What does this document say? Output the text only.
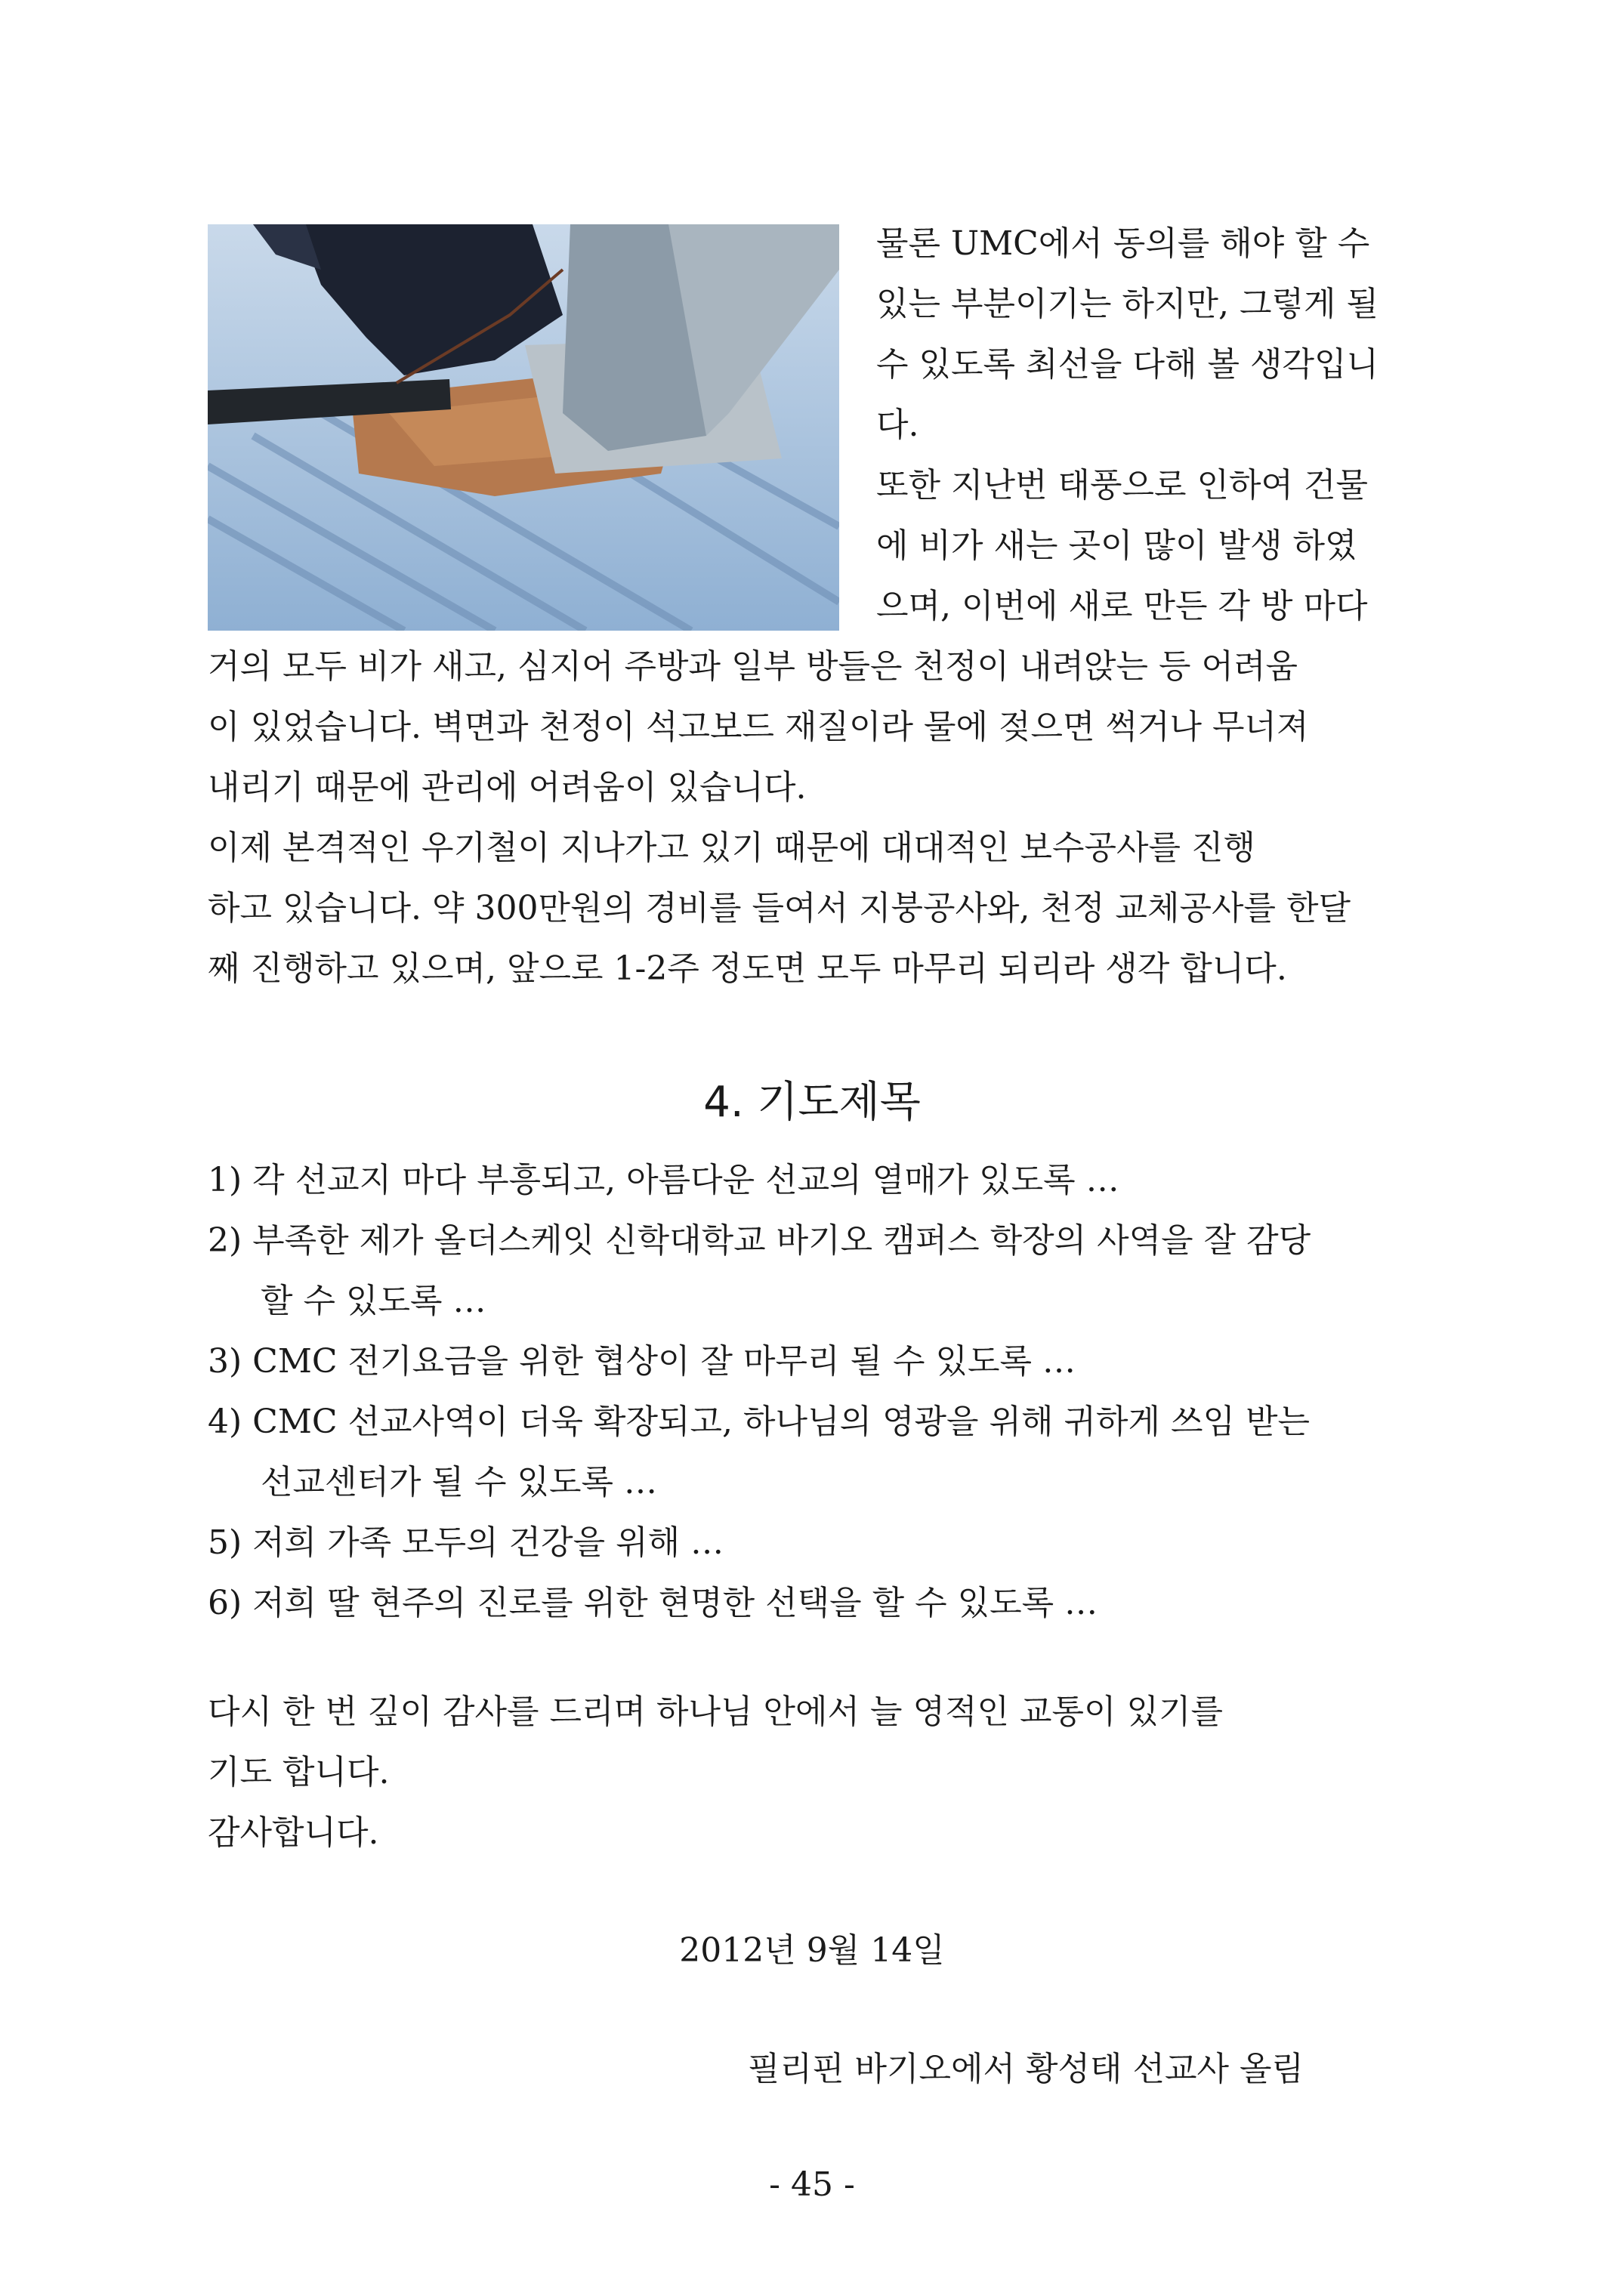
물론 UMC에서 동의를 해야 할 수
있는 부분이기는 하지만, 그렇게 될
수 있도록 최선을 다해 볼 생각입니
다.
또한 지난번 태풍으로 인하여 건물
에 비가 새는 곳이 많이 발생 하였
으며, 이번에 새로 만든 각 방 마다
거의 모두 비가 새고, 심지어 주방과 일부 방들은 천정이 내려앉는 등 어려움
이 있었습니다. 벽면과 천정이 석고보드 재질이라 물에 젖으면 썩거나 무너져
내리기 때문에 관리에 어려움이 있습니다.
이제 본격적인 우기철이 지나가고 있기 때문에 대대적인 보수공사를 진행
하고 있습니다. 약 300만원의 경비를 들여서 지붕공사와, 천정 교체공사를 한달
째 진행하고 있으며, 앞으로 1-2주 정도면 모두 마무리 되리라 생각 합니다.
4. 기도제목
1) 각 선교지 마다 부흥되고, 아름다운 선교의 열매가 있도록 …
2) 부족한 제가 올더스케잇 신학대학교 바기오 캠퍼스 학장의 사역을 잘 감당
할 수 있도록 …
3) CMC 전기요금을 위한 협상이 잘 마무리 될 수 있도록 …
4) CMC 선교사역이 더욱 확장되고, 하나님의 영광을 위해 귀하게 쓰임 받는
선교센터가 될 수 있도록 …
5) 저희 가족 모두의 건강을 위해 …
6) 저희 딸 현주의 진로를 위한 현명한 선택을 할 수 있도록 …
다시 한 번 깊이 감사를 드리며 하나님 안에서 늘 영적인 교통이 있기를
기도 합니다.
감사합니다.

2012년 9월 14일

필리핀 바기오에서 황성태 선교사 올림

- 45 -
